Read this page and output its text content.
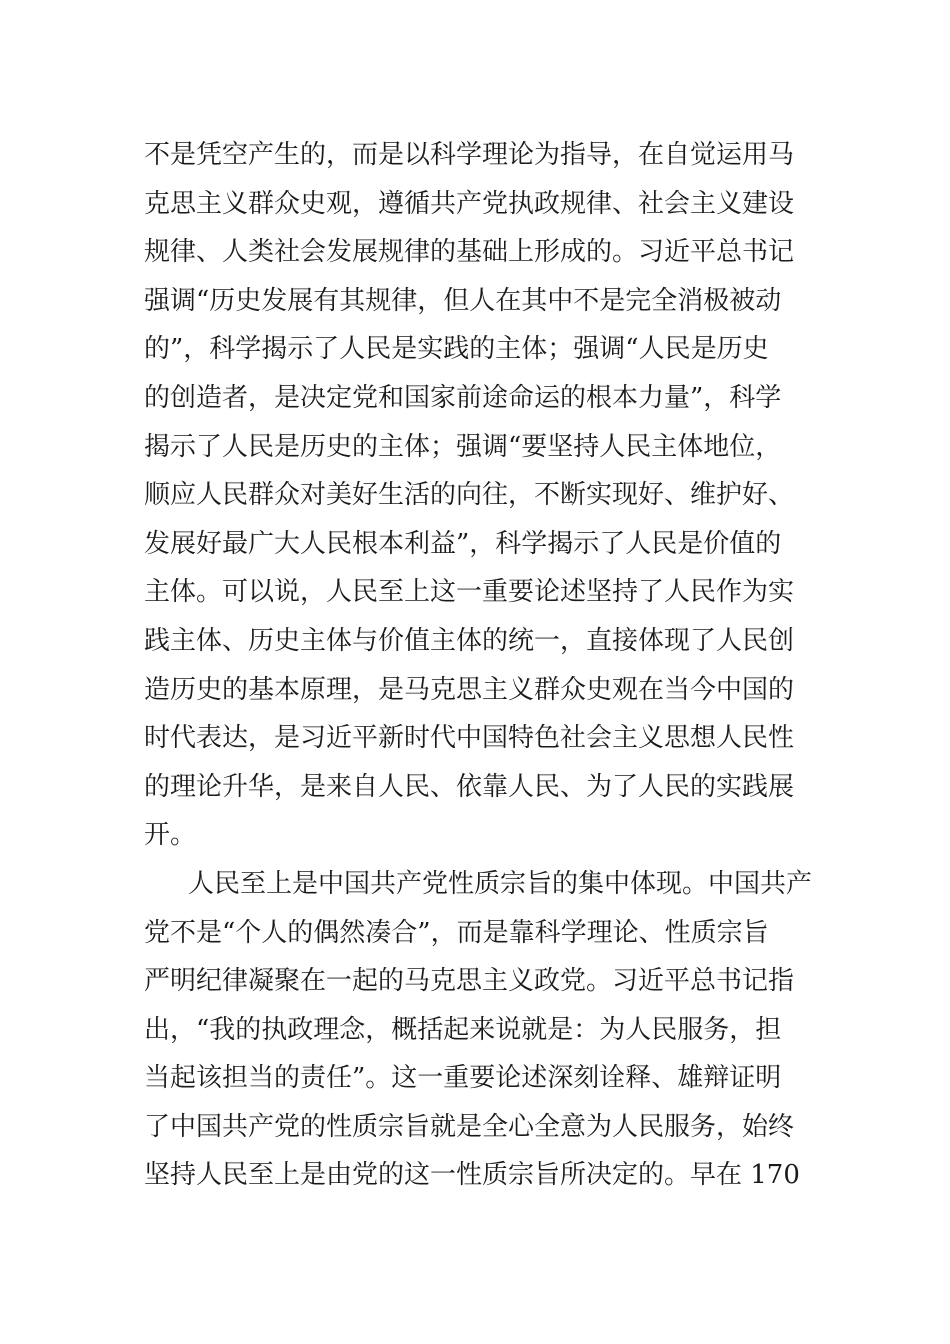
不是凭空产生的，而是以科学理论为指导，在自觉运用马
克思主义群众史观，遵循共产党执政规律、社会主义建设
规律、人类社会发展规律的基础上形成的。习近平总书记
强调“历史发展有其规律，但人在其中不是完全消极被动
的”，科学揭示了人民是实践的主体；强调“人民是历史
的创造者，是决定党和国家前途命运的根本力量”，科学
揭示了人民是历史的主体；强调“要坚持人民主体地位，
顺应人民群众对美好生活的向往，不断实现好、维护好、
发展好最广大人民根本利益”，科学揭示了人民是价值的
主体。可以说，人民至上这一重要论述坚持了人民作为实
践主体、历史主体与价值主体的统一，直接体现了人民创
造历史的基本原理，是马克思主义群众史观在当今中国的
时代表达，是习近平新时代中国特色社会主义思想人民性
的理论升华，是来自人民、依靠人民、为了人民的实践展
开。
人民至上是中国共产党性质宗旨的集中体现。中国共产
党不是“个人的偶然凑合”，而是靠科学理论、性质宗旨
严明纪律凝聚在一起的马克思主义政党。习近平总书记指
出，“我的执政理念，概括起来说就是：为人民服务，担
当起该担当的责任”。这一重要论述深刻诠释、雄辩证明
了中国共产党的性质宗旨就是全心全意为人民服务，始终
坚持人民至上是由党的这一性质宗旨所决定的。早在 170
